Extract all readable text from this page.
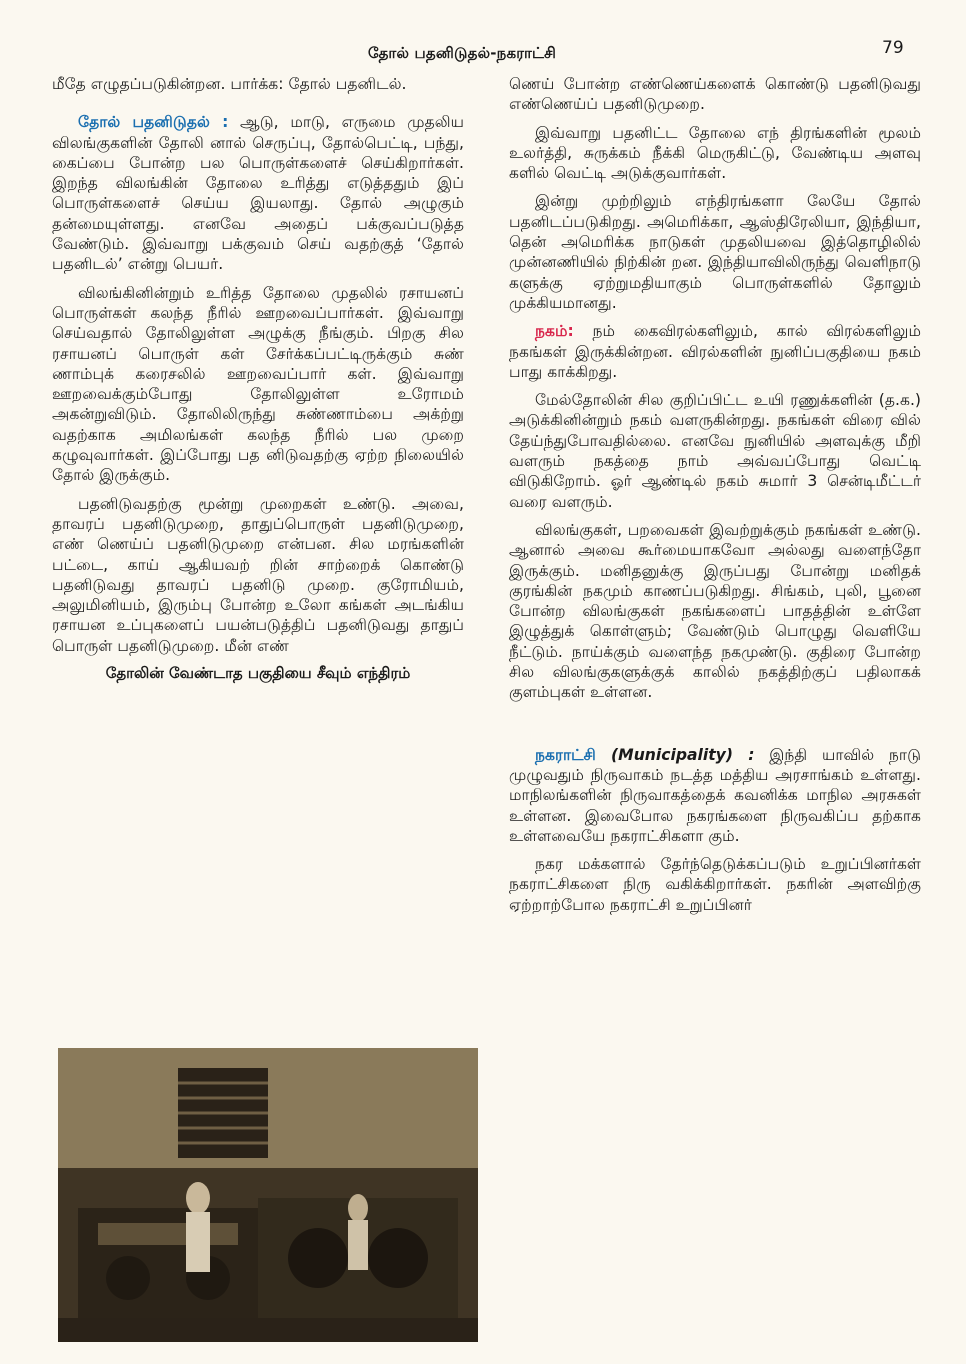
தோல் பதனிடுதல்-நகராட்சி	79

மீதே எழுதப்படுகின்றன. பார்க்க: தோல் பதனிடல்.

தோல் பதனிடுதல் : ஆடு, மாடு, எருமை முதலிய விலங்குகளின் தோலி னால் செருப்பு, தோல்பெட்டி, பந்து, கைப்பை போன்ற பல பொருள்களைச் செய்கிறார்கள். இறந்த விலங்கின் தோலை உரித்து எடுத்ததும் இப் பொருள்களைச் செய்ய இயலாது. தோல் அழுகும் தன்மையுள்ளது. எனவே அதைப் பக்குவப்படுத்த வேண்டும். இவ்வாறு பக்குவம் செய் வதற்குத் ‘தோல் பதனிடல்’ என்று பெயர்.

விலங்கினின்றும் உரித்த தோலை முதலில் ரசாயனப் பொருள்கள் கலந்த நீரில் ஊறவைப்பார்கள். இவ்வாறு செய்வதால் தோலிலுள்ள அழுக்கு நீங்கும். பிறகு சில ரசாயனப் பொருள் கள் சேர்க்கப்பட்டிருக்கும் சுண் ணாம்புக் கரைசலில் ஊறவைப்பார் கள். இவ்வாறு ஊறவைக்கும்போது தோலிலுள்ள உரோமம் அகன்றுவிடும். தோலிலிருந்து சுண்ணாம்பை அக்ற்று வதற்காக அமிலங்கள் கலந்த நீரில் பல முறை கழுவுவார்கள். இப்போது பத னிடுவதற்கு ஏற்ற நிலையில் தோல் இருக்கும்.

பதனிடுவதற்கு மூன்று முறைகள் உண்டு. அவை, தாவரப் பதனிடுமுறை, தாதுப்பொருள் பதனிடுமுறை, எண் ணெய்ப் பதனிடுமுறை என்பன. சில மரங்களின் பட்டை, காய் ஆகியவற் றின் சாற்றைக் கொண்டு பதனிடுவது தாவரப் பதனிடு முறை. குரோமியம், அலுமினியம், இரும்பு போன்ற உலோ கங்கள் அடங்கிய ரசாயன உப்புகளைப் பயன்படுத்திப் பதனிடுவது தாதுப் பொருள் பதனிடுமுறை. மீன் எண்

தோலின் வேண்டாத பகுதியை சீவும் எந்திரம்

ணெய் போன்ற எண்ணெய்களைக் கொண்டு பதனிடுவது எண்ணெய்ப் பதனிடுமுறை.

இவ்வாறு பதனிட்ட தோலை எந் திரங்களின் மூலம் உலர்த்தி, சுருக்கம் நீக்கி மெருகிட்டு, வேண்டிய அளவு களில் வெட்டி அடுக்குவார்கள்.

இன்று முற்றிலும் எந்திரங்களா லேயே தோல் பதனிடப்படுகிறது. அமெரிக்கா, ஆஸ்திரேலியா, இந்தியா, தென் அமெரிக்க நாடுகள் முதலியவை இத்தொழிலில் முன்னணியில் நிற்கின் றன. இந்தியாவிலிருந்து வெளிநாடு களுக்கு ஏற்றுமதியாகும் பொருள்களில் தோலும் முக்கியமானது.

நகம்: நம் கைவிரல்களிலும், கால் விரல்களிலும் நகங்கள் இருக்கின்றன. விரல்களின் நுனிப்பகுதியை நகம் பாது காக்கிறது.

மேல்தோலின் சில குறிப்பிட்ட உயி ரணுக்களின் (த.க.) அடுக்கினின்றும் நகம் வளருகின்றது. நகங்கள் விரை வில் தேய்ந்துபோவதில்லை. எனவே நுனியில் அளவுக்கு மீறி வளரும் நகத்தை நாம் அவ்வப்போது வெட்டி விடுகிறோம். ஓர் ஆண்டில் நகம் சுமார் 3 சென்டிமீட்டர் வரை வளரும்.

விலங்குகள், பறவைகள் இவற்றுக்கும் நகங்கள் உண்டு. ஆனால் அவை கூர்மையாகவோ அல்லது வளைந்தோ இருக்கும். மனிதனுக்கு இருப்பது போன்று மனிதக் குரங்கின் நகமும் காணப்படுகிறது. சிங்கம், புலி, பூனை போன்ற விலங்குகள் நகங்களைப் பாதத்தின் உள்ளே இழுத்துக் கொள்ளும்; வேண்டும் பொழுது வெளியே நீட்டும். நாய்க்கும் வளைந்த நகமுண்டு. குதிரை போன்ற சில விலங்குகளுக்குக் காலில் நகத்திற்குப் பதிலாகக் குளம்புகள் உள்ளன.

நகராட்சி (Municipality) : இந்தி யாவில் நாடு முழுவதும் நிருவாகம் நடத்த மத்திய அரசாங்கம் உள்ளது. மாநிலங்களின் நிருவாகத்தைக் கவனிக்க மாநில அரசுகள் உள்ளன. இவைபோல நகரங்களை நிருவகிப்ப தற்காக உள்ளவையே நகராட்சிகளா கும்.

நகர மக்களால் தேர்ந்தெடுக்கப்படும் உறுப்பினர்கள் நகராட்சிகளை நிரு வகிக்கிறார்கள். நகரின் அளவிற்கு ஏற்றாற்போல நகராட்சி உறுப்பினர்
